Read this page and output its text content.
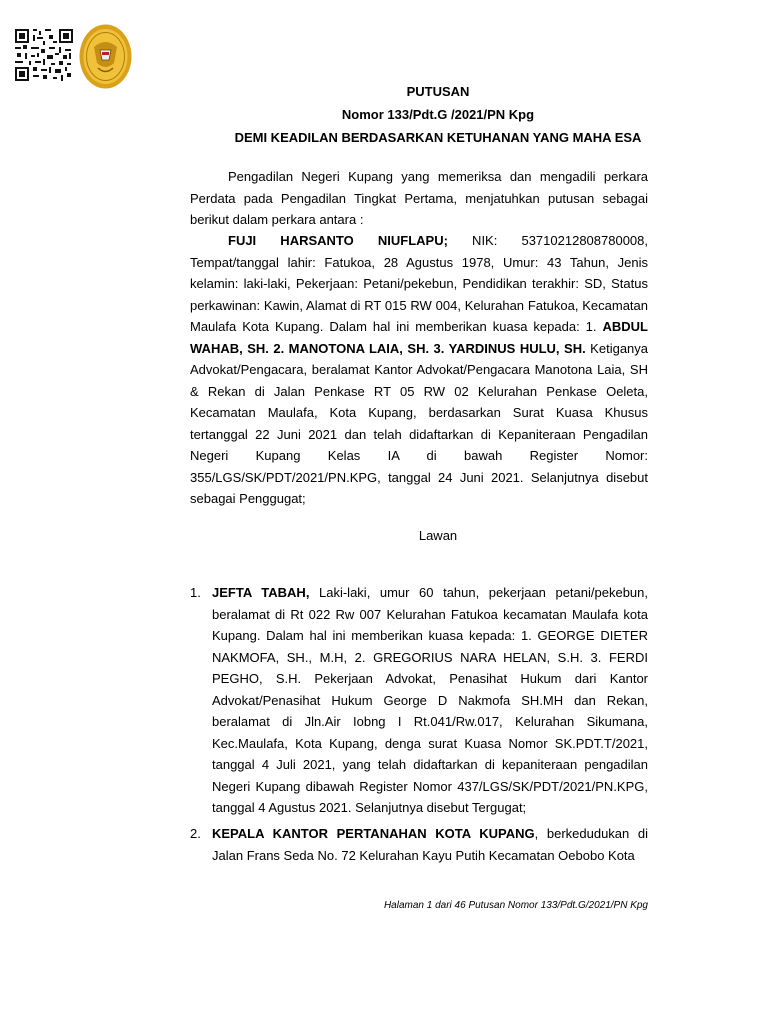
PUTUSAN
Nomor 133/Pdt.G /2021/PN Kpg
DEMI KEADILAN BERDASARKAN KETUHANAN YANG MAHA ESA
Pengadilan Negeri Kupang yang memeriksa dan mengadili perkara Perdata pada Pengadilan Tingkat Pertama, menjatuhkan putusan sebagai berikut dalam perkara antara :
FUJI HARSANTO NIUFLAPU; NIK: 53710212808780008, Tempat/tanggal lahir: Fatukoa, 28 Agustus 1978, Umur: 43 Tahun, Jenis kelamin: laki-laki, Pekerjaan: Petani/pekebun, Pendidikan terakhir: SD, Status perkawinan: Kawin, Alamat di RT 015 RW 004, Kelurahan Fatukoa, Kecamatan Maulafa Kota Kupang. Dalam hal ini memberikan kuasa kepada: 1. ABDUL WAHAB, SH. 2. MANOTONA LAIA, SH. 3. YARDINUS HULU, SH. Ketiganya Advokat/Pengacara, beralamat Kantor Advokat/Pengacara Manotona Laia, SH & Rekan di Jalan Penkase RT 05 RW 02 Kelurahan Penkase Oeleta, Kecamatan Maulafa, Kota Kupang, berdasarkan Surat Kuasa Khusus tertanggal 22 Juni 2021 dan telah didaftarkan di Kepaniteraan Pengadilan Negeri Kupang Kelas IA di bawah Register Nomor: 355/LGS/SK/PDT/2021/PN.KPG, tanggal 24 Juni 2021. Selanjutnya disebut sebagai Penggugat;
Lawan
1. JEFTA TABAH, Laki-laki, umur 60 tahun, pekerjaan petani/pekebun, beralamat di Rt 022 Rw 007 Kelurahan Fatukoa kecamatan Maulafa kota Kupang. Dalam hal ini memberikan kuasa kepada: 1. GEORGE DIETER NAKMOFA, SH., M.H, 2. GREGORIUS NARA HELAN, S.H. 3. FERDI PEGHO, S.H. Pekerjaan Advokat, Penasihat Hukum dari Kantor Advokat/Penasihat Hukum George D Nakmofa SH.MH dan Rekan, beralamat di Jln.Air Iobng I Rt.041/Rw.017, Kelurahan Sikumana, Kec.Maulafa, Kota Kupang, denga surat Kuasa Nomor SK.PDT.T/2021, tanggal 4 Juli 2021, yang telah didaftarkan di kepaniteraan pengadilan Negeri Kupang dibawah Register Nomor 437/LGS/SK/PDT/2021/PN.KPG, tanggal 4 Agustus 2021. Selanjutnya disebut Tergugat;
2. KEPALA KANTOR PERTANAHAN KOTA KUPANG, berkedudukan di Jalan Frans Seda No. 72 Kelurahan Kayu Putih Kecamatan Oebobo Kota
Halaman 1 dari 46 Putusan Nomor 133/Pdt.G/2021/PN Kpg
